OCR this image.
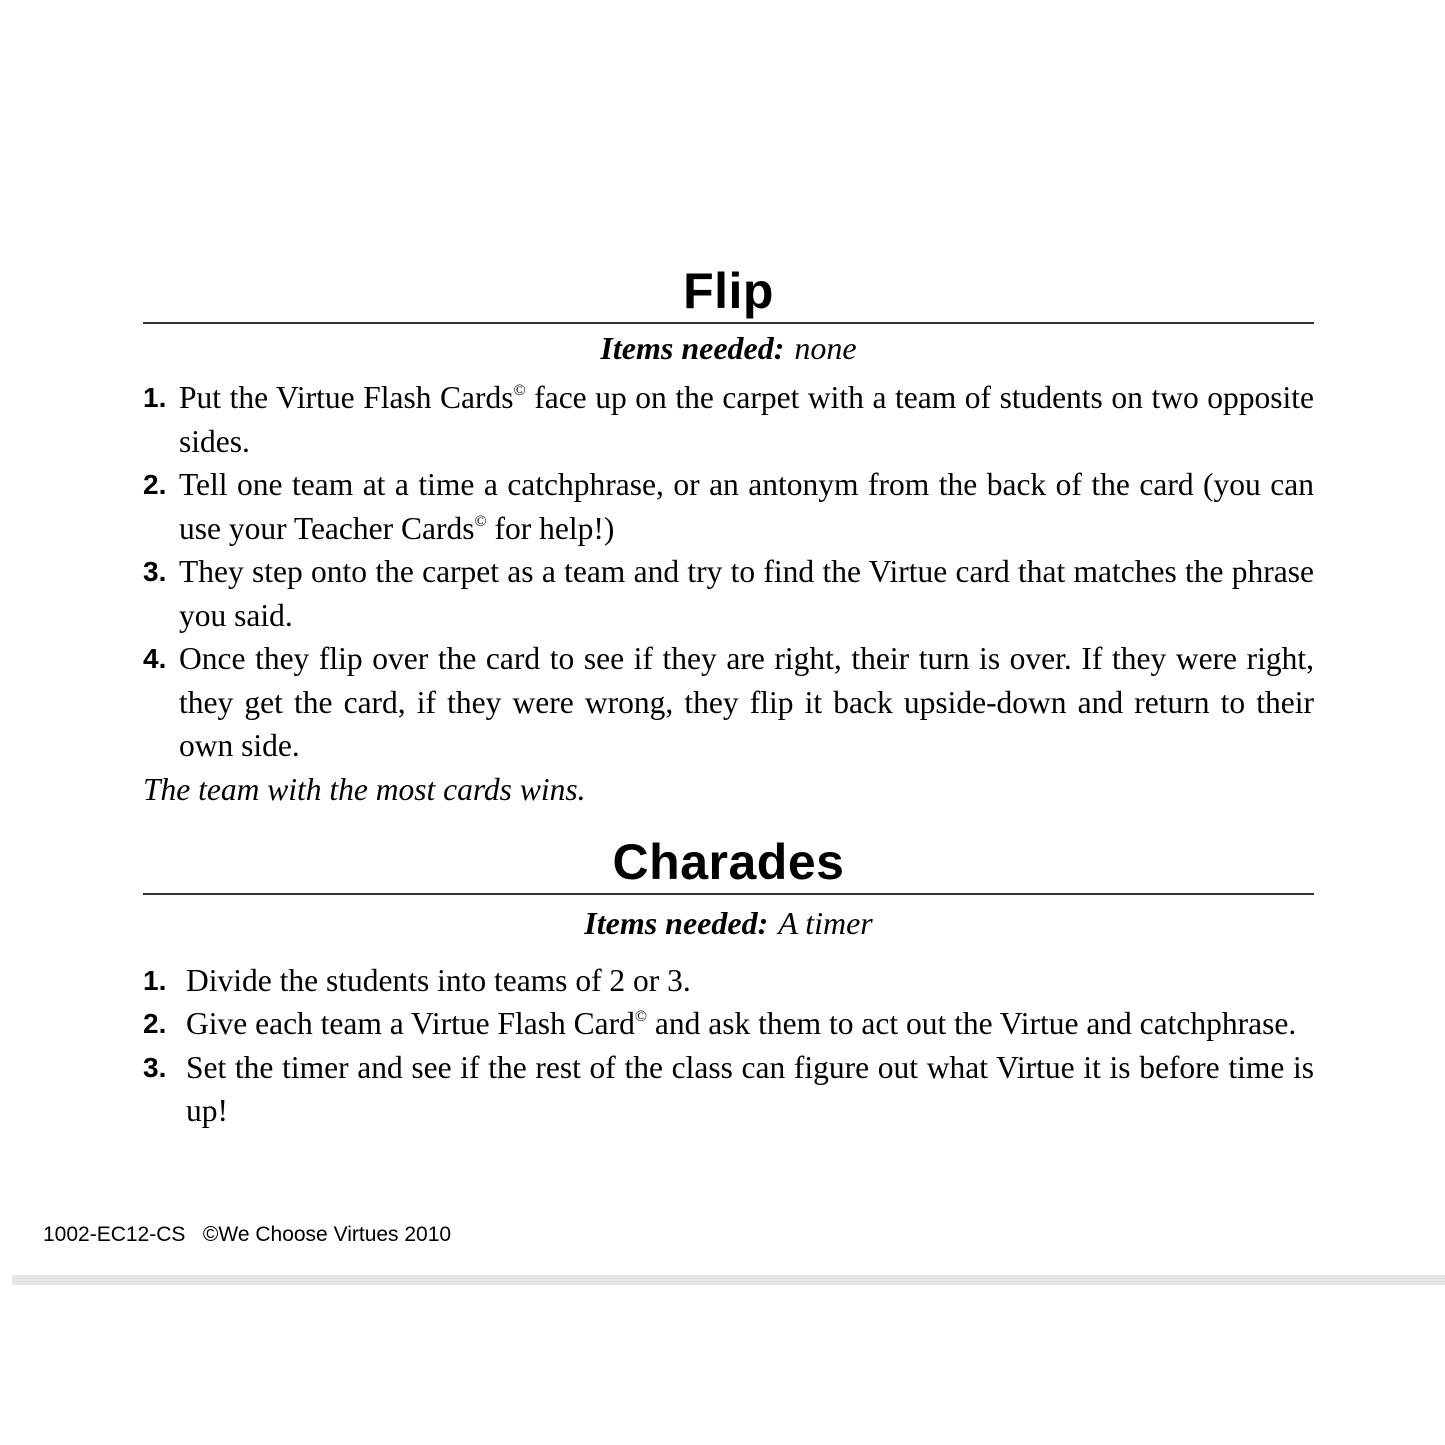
Flip
Items needed: none
1. Put the Virtue Flash Cards© face up on the carpet with a team of students on two opposite sides.
2. Tell one team at a time a catchphrase, or an antonym from the back of the card (you can use your Teacher Cards© for help!)
3. They step onto the carpet as a team and try to find the Virtue card that matches the phrase you said.
4. Once they flip over the card to see if they are right, their turn is over. If they were right, they get the card, if they were wrong, they flip it back upside-down and return to their own side.

The team with the most cards wins.

Charades
Items needed: A timer
1. Divide the students into teams of 2 or 3.
2. Give each team a Virtue Flash Card© and ask them to act out the Virtue and catchphrase.
3. Set the timer and see if the rest of the class can figure out what Virtue it is before time is up!
1002-EC12-CS ©We Choose Virtues 2010
